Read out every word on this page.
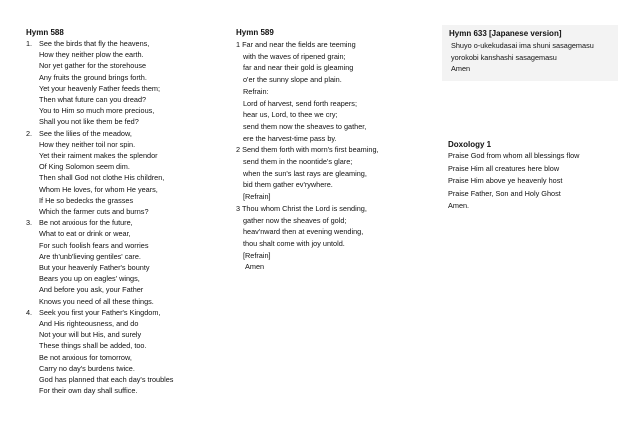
Hymn 588
1. See the birds that fly the heavens,
How they neither plow the earth.
Nor yet gather for the storehouse
Any fruits the ground brings forth.
Yet your heavenly Father feeds them;
Then what future can you dread?
You to Him so much more precious,
Shall you not like them be fed?
2. See the lilies of the meadow,
How they neither toil nor spin.
Yet their raiment makes the splendor
Of King Solomon seem dim.
Then shall God not clothe His children,
Whom He loves, for whom He years,
If He so bedecks the grasses
Which the farmer cuts and burns?
3. Be not anxious for the future,
What to eat or drink or wear,
For such foolish fears and worries
Are th'unb'lieving gentiles' care.
But your heavenly Father's bounty
Bears you up on eagles' wings,
And before you ask, your Father
Knows you need of all these things.
4. Seek you first your Father's Kingdom,
And His righteousness, and do
Not your will but His, and surely
These things shall be added, too.
Be not anxious for tomorrow,
Carry no day's burdens twice.
God has planned that each day's troubles
For their own day shall suffice.
Hymn 589
1 Far and near the fields are teeming
with the waves of ripened grain;
far and near their gold is gleaming
o'er the sunny slope and plain.
Refrain:
Lord of harvest, send forth reapers;
hear us, Lord, to thee we cry;
send them now the sheaves to gather,
ere the harvest-time pass by.
2 Send them forth with morn's first beaming,
send them in the noontide's glare;
when the sun's last rays are gleaming,
bid them gather ev'rywhere.
[Refrain]
3 Thou whom Christ the Lord is sending,
gather now the sheaves of gold;
heav'nward then at evening wending,
thou shalt come with joy untold.
[Refrain]
Amen
Hymn 633 [Japanese version]
Shuyo o-ukekudasai ima shuni sasagemasu
yorokobi kanshashi sasagemasu
Amen
Doxology 1
Praise God from whom all blessings flow
Praise Him all creatures here blow
Praise Him above ye heavenly host
Praise Father, Son and Holy Ghost
Amen.
